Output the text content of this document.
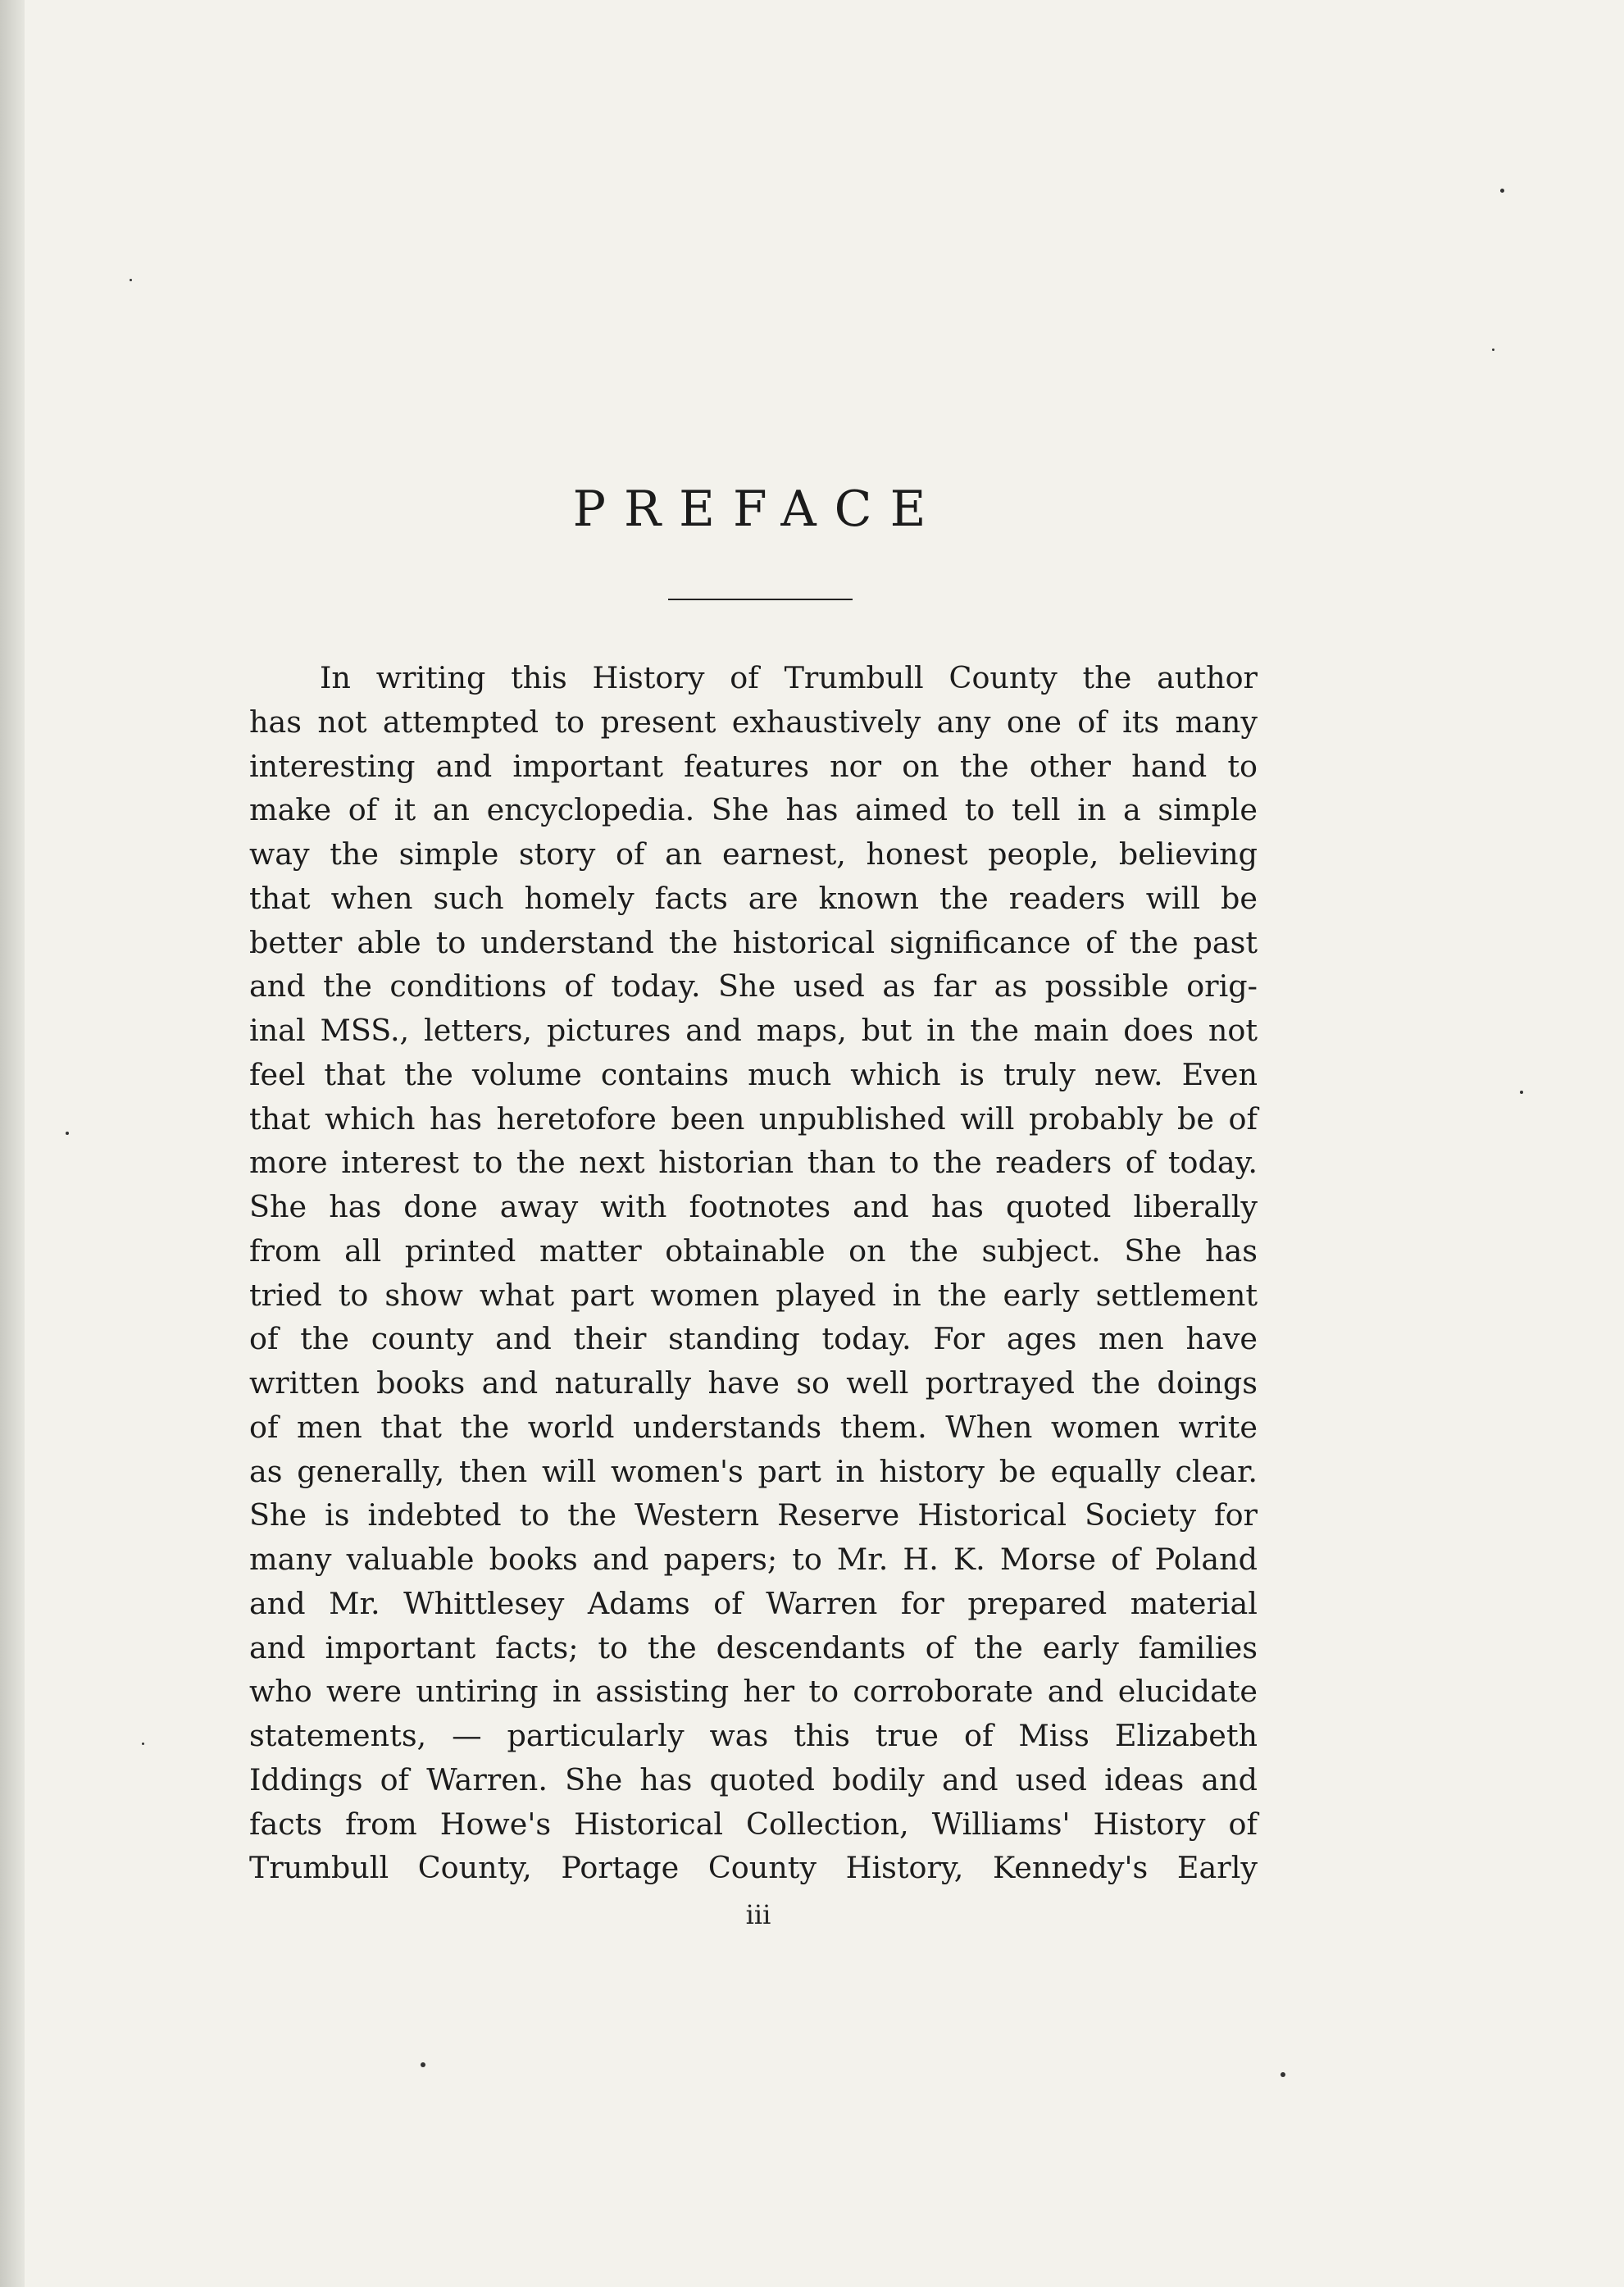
PREFACE
In writing this History of Trumbull County the author
has not attempted to present exhaustively any one of its many
interesting and important features nor on the other hand to
make of it an encyclopedia. She has aimed to tell in a simple
way the simple story of an earnest, honest people, believing
that when such homely facts are known the readers will be
better able to understand the historical significance of the past
and the conditions of today. She used as far as possible orig-
inal MSS., letters, pictures and maps, but in the main does not
feel that the volume contains much which is truly new. Even
that which has heretofore been unpublished will probably be of
more interest to the next historian than to the readers of today.
She has done away with footnotes and has quoted liberally
from all printed matter obtainable on the subject. She has
tried to show what part women played in the early settlement
of the county and their standing today. For ages men have
written books and naturally have so well portrayed the doings
of men that the world understands them. When women write
as generally, then will women's part in history be equally clear.
She is indebted to the Western Reserve Historical Society for
many valuable books and papers; to Mr. H. K. Morse of Poland
and Mr. Whittlesey Adams of Warren for prepared material
and important facts; to the descendants of the early families
who were untiring in assisting her to corroborate and elucidate
statements, — particularly was this true of Miss Elizabeth
Iddings of Warren. She has quoted bodily and used ideas and
facts from Howe's Historical Collection, Williams' History of
Trumbull County, Portage County History, Kennedy's Early
iii
